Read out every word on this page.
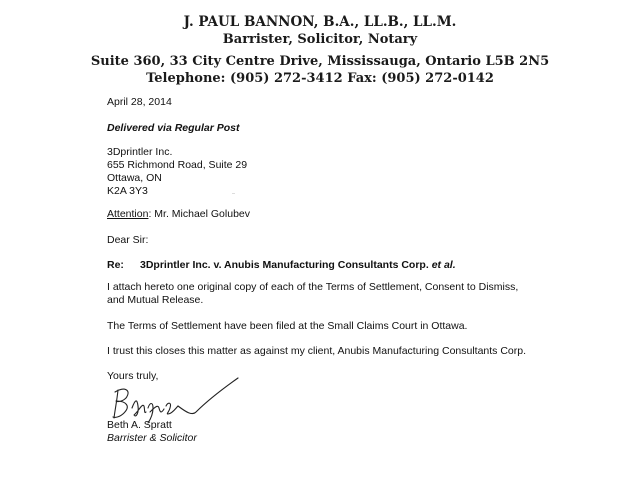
J. PAUL BANNON, B.A., LL.B., LL.M.
Barrister, Solicitor, Notary
Suite 360, 33 City Centre Drive, Mississauga, Ontario L5B 2N5
Telephone: (905) 272-3412 Fax: (905) 272-0142
April 28, 2014
Delivered via Regular Post
3Dprintler Inc.
655 Richmond Road, Suite 29
Ottawa, ON
K2A 3Y3
Attention: Mr. Michael Golubev
Dear Sir:
Re: 3Dprintler Inc. v. Anubis Manufacturing Consultants Corp. et al.
I attach hereto one original copy of each of the Terms of Settlement, Consent to Dismiss,
and Mutual Release.
The Terms of Settlement have been filed at the Small Claims Court in Ottawa.
I trust this closes this matter as against my client, Anubis Manufacturing Consultants Corp.
Yours truly,
Beth A. Spratt
Barrister & Solicitor
